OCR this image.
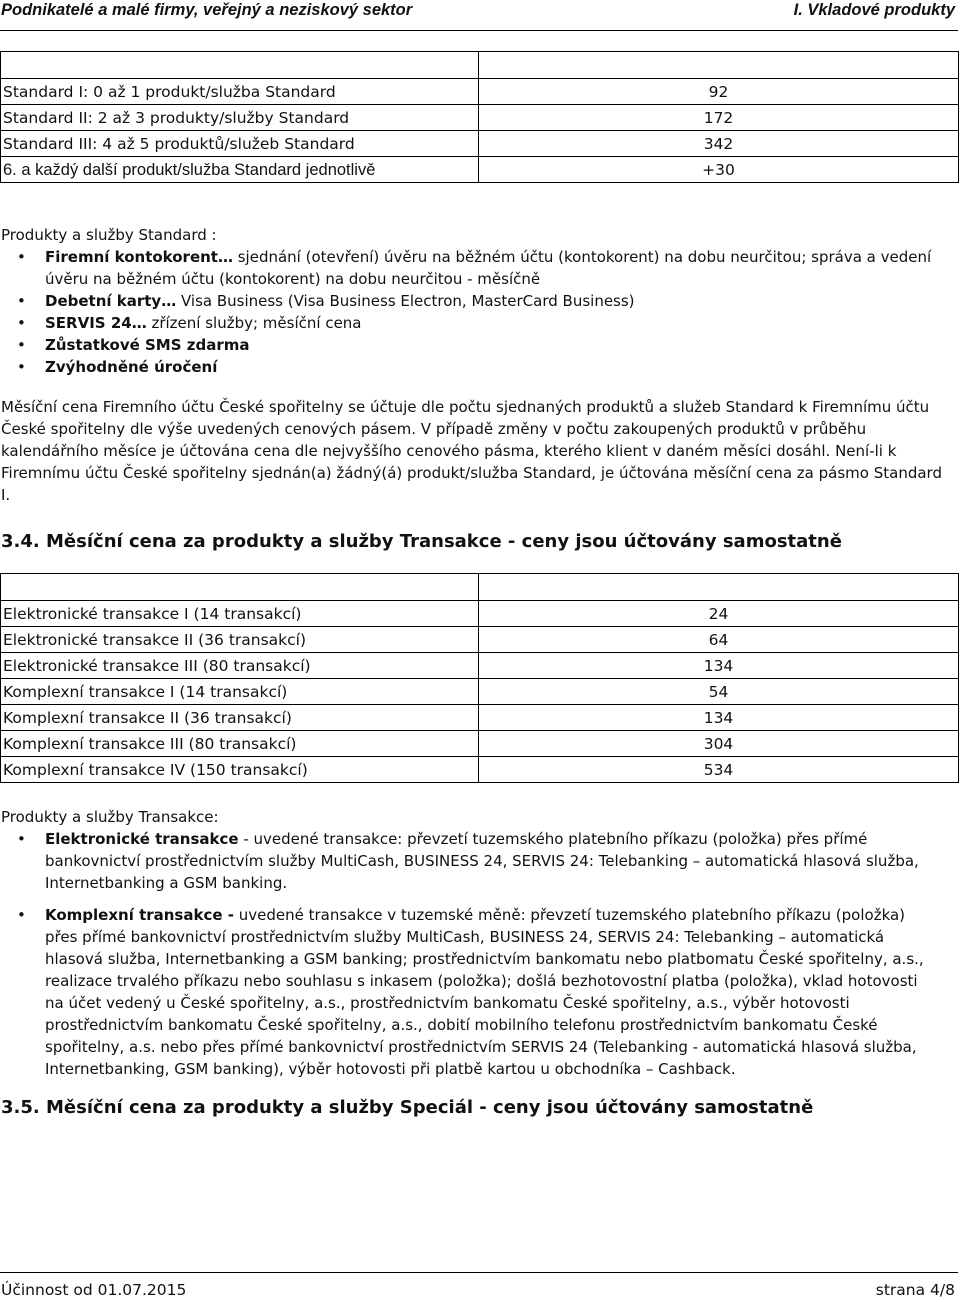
Podnikatelé a malé firmy, veřejný a neziskový sektor	I. Vkladové produkty

Standard I: 0 až 1 produkt/služba Standard	92
Standard II: 2 až 3 produkty/služby Standard	172
Standard III: 4 až 5 produktů/služeb Standard	342
6. a každý další produkt/služba Standard jednotlivě	+30
Produkty a služby Standard :
• Firemní kontokorent… sjednání (otevření) úvěru na běžném účtu (kontokorent) na dobu neurčitou; správa a vedení úvěru na běžném účtu (kontokorent) na dobu neurčitou - měsíčně
• Debetní karty… Visa Business (Visa Business Electron, MasterCard Business)
• SERVIS 24… zřízení služby; měsíční cena
• Zůstatkové SMS zdarma
• Zvýhodněné úročení
Měsíční cena Firemního účtu České spořitelny se účtuje dle počtu sjednaných produktů a služeb Standard k Firemnímu účtu České spořitelny dle výše uvedených cenových pásem. V případě změny v počtu zakoupených produktů v průběhu kalendářního měsíce je účtována cena dle nejvyššího cenového pásma, kterého klient v daném měsíci dosáhl. Není-li k Firemnímu účtu České spořitelny sjednán(a) žádný(á) produkt/služba Standard, je účtována měsíční cena za pásmo Standard I.
3.4. Měsíční cena za produkty a služby Transakce - ceny jsou účtovány samostatně

Elektronické transakce I (14 transakcí)	24
Elektronické transakce II (36 transakcí)	64
Elektronické transakce III (80 transakcí)	134
Komplexní transakce I (14 transakcí)	54
Komplexní transakce II (36 transakcí)	134
Komplexní transakce III (80 transakcí)	304
Komplexní transakce IV (150 transakcí)	534
Produkty a služby Transakce:
• Elektronické transakce - uvedené transakce: převzetí tuzemského platebního příkazu (položka) přes přímé bankovnictví prostřednictvím služby MultiCash, BUSINESS 24, SERVIS 24: Telebanking – automatická hlasová služba, Internetbanking a GSM banking.
• Komplexní transakce - uvedené transakce v tuzemské měně: převzetí tuzemského platebního příkazu (položka) přes přímé bankovnictví prostřednictvím služby MultiCash, BUSINESS 24, SERVIS 24: Telebanking – automatická hlasová služba, Internetbanking a GSM banking; prostřednictvím bankomatu nebo platbomatu České spořitelny, a.s., realizace trvalého příkazu nebo souhlasu s inkasem (položka); došlá bezhotovostní platba (položka), vklad hotovosti na účet vedený u České spořitelny, a.s., prostřednictvím bankomatu České spořitelny, a.s., výběr hotovosti prostřednictvím bankomatu České spořitelny, a.s., dobití mobilního telefonu prostřednictvím bankomatu České spořitelny, a.s. nebo přes přímé bankovnictví prostřednictvím SERVIS 24 (Telebanking - automatická hlasová služba, Internetbanking, GSM banking), výběr hotovosti při platbě kartou u obchodníka – Cashback.
3.5. Měsíční cena za produkty a služby Speciál - ceny jsou účtovány samostatně
Účinnost od 01.07.2015	strana 4/8
